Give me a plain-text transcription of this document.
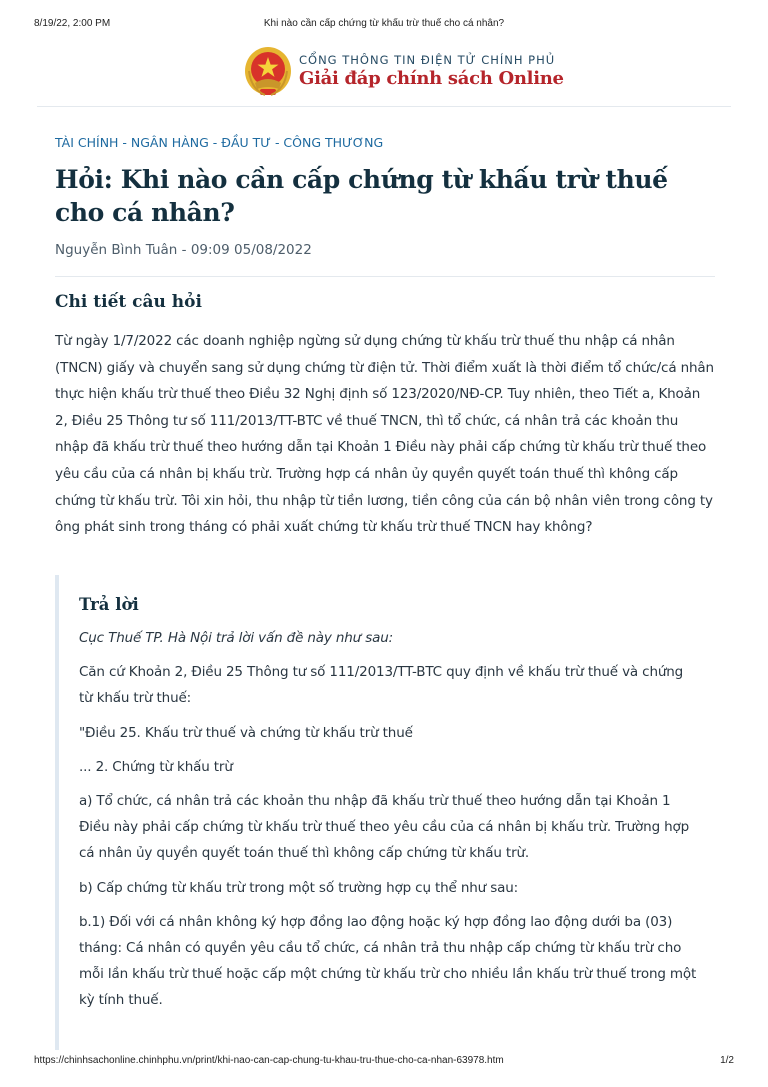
8/19/22, 2:00 PM	Khi nào cần cấp chứng từ khấu trừ thuế cho cá nhân?
CỔNG THÔNG TIN ĐIỆN TỬ CHÍNH PHỦ
Giải đáp chính sách Online
TÀI CHÍNH - NGÂN HÀNG - ĐẦU TƯ - CÔNG THƯƠNG
Hỏi: Khi nào cần cấp chứng từ khấu trừ thuế cho cá nhân?
Nguyễn Bình Tuân - 09:09 05/08/2022
Chi tiết câu hỏi

Từ ngày 1/7/2022 các doanh nghiệp ngừng sử dụng chứng từ khấu trừ thuế thu nhập cá nhân (TNCN) giấy và chuyển sang sử dụng chứng từ điện tử. Thời điểm xuất là thời điểm tổ chức/cá nhân thực hiện khấu trừ thuế theo Điều 32 Nghị định số 123/2020/NĐ-CP. Tuy nhiên, theo Tiết a, Khoản 2, Điều 25 Thông tư số 111/2013/TT-BTC về thuế TNCN, thì tổ chức, cá nhân trả các khoản thu nhập đã khấu trừ thuế theo hướng dẫn tại Khoản 1 Điều này phải cấp chứng từ khấu trừ thuế theo yêu cầu của cá nhân bị khấu trừ. Trường hợp cá nhân ủy quyền quyết toán thuế thì không cấp chứng từ khấu trừ. Tôi xin hỏi, thu nhập từ tiền lương, tiền công của cán bộ nhân viên trong công ty ông phát sinh trong tháng có phải xuất chứng từ khấu trừ thuế TNCN hay không?

Trả lời

Cục Thuế TP. Hà Nội trả lời vấn đề này như sau:

Căn cứ Khoản 2, Điều 25 Thông tư số 111/2013/TT-BTC quy định về khấu trừ thuế và chứng từ khấu trừ thuế:

"Điều 25. Khấu trừ thuế và chứng từ khấu trừ thuế

... 2. Chứng từ khấu trừ

a) Tổ chức, cá nhân trả các khoản thu nhập đã khấu trừ thuế theo hướng dẫn tại Khoản 1 Điều này phải cấp chứng từ khấu trừ thuế theo yêu cầu của cá nhân bị khấu trừ. Trường hợp cá nhân ủy quyền quyết toán thuế thì không cấp chứng từ khấu trừ.

b) Cấp chứng từ khấu trừ trong một số trường hợp cụ thể như sau:

b.1) Đối với cá nhân không ký hợp đồng lao động hoặc ký hợp đồng lao động dưới ba (03) tháng: Cá nhân có quyền yêu cầu tổ chức, cá nhân trả thu nhập cấp chứng từ khấu trừ cho mỗi lần khấu trừ thuế hoặc cấp một chứng từ khấu trừ cho nhiều lần khấu trừ thuế trong một kỳ tính thuế.

https://chinhsachonline.chinhphu.vn/print/khi-nao-can-cap-chung-tu-khau-tru-thue-cho-ca-nhan-63978.htm	1/2
